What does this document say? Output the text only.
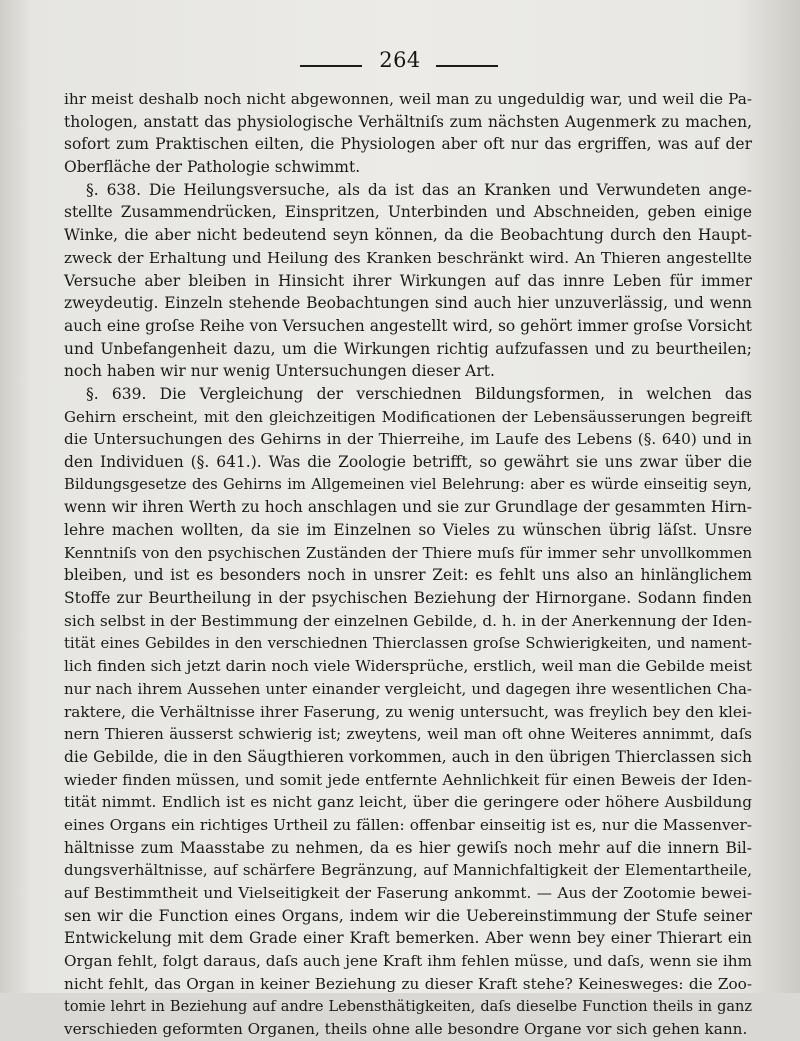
264
ihr meist deshalb noch nicht abgewonnen, weil man zu ungeduldig war, und weil die Pa-
thologen, anstatt das physiologische Verhältniſs zum nächsten Augenmerk zu machen,
sofort zum Praktischen eilten, die Physiologen aber oft nur das ergriffen, was auf der
Oberfläche der Pathologie schwimmt.
§. 638. Die Heilungsversuche, als da ist das an Kranken und Verwundeten ange-
stellte Zusammendrücken, Einspritzen, Unterbinden und Abschneiden, geben einige
Winke, die aber nicht bedeutend seyn können, da die Beobachtung durch den Haupt-
zweck der Erhaltung und Heilung des Kranken beschränkt wird. An Thieren angestellte
Versuche aber bleiben in Hinsicht ihrer Wirkungen auf das innre Leben für immer
zweydeutig. Einzeln stehende Beobachtungen sind auch hier unzuverlässig, und wenn
auch eine groſse Reihe von Versuchen angestellt wird, so gehört immer groſse Vorsicht
und Unbefangenheit dazu, um die Wirkungen richtig aufzufassen und zu beurtheilen;
noch haben wir nur wenig Untersuchungen dieser Art.
§. 639. Die Vergleichung der verschiednen Bildungsformen, in welchen das
Gehirn erscheint, mit den gleichzeitigen Modificationen der Lebensäusserungen begreift
die Untersuchungen des Gehirns in der Thierreihe, im Laufe des Lebens (§. 640) und in
den Individuen (§. 641.). Was die Zoologie betrifft, so gewährt sie uns zwar über die
Bildungsgesetze des Gehirns im Allgemeinen viel Belehrung: aber es würde einseitig seyn,
wenn wir ihren Werth zu hoch anschlagen und sie zur Grundlage der gesammten Hirn-
lehre machen wollten, da sie im Einzelnen so Vieles zu wünschen übrig läſst. Unsre
Kenntniſs von den psychischen Zuständen der Thiere muſs für immer sehr unvollkommen
bleiben, und ist es besonders noch in unsrer Zeit: es fehlt uns also an hinlänglichem
Stoffe zur Beurtheilung in der psychischen Beziehung der Hirnorgane. Sodann finden
sich selbst in der Bestimmung der einzelnen Gebilde, d. h. in der Anerkennung der Iden-
tität eines Gebildes in den verschiednen Thierclassen groſse Schwierigkeiten, und nament-
lich finden sich jetzt darin noch viele Widersprüche, erstlich, weil man die Gebilde meist
nur nach ihrem Aussehen unter einander vergleicht, und dagegen ihre wesentlichen Cha-
raktere, die Verhältnisse ihrer Faserung, zu wenig untersucht, was freylich bey den klei-
nern Thieren äusserst schwierig ist; zweytens, weil man oft ohne Weiteres annimmt, daſs
die Gebilde, die in den Säugthieren vorkommen, auch in den übrigen Thierclassen sich
wieder finden müssen, und somit jede entfernte Aehnlichkeit für einen Beweis der Iden-
tität nimmt. Endlich ist es nicht ganz leicht, über die geringere oder höhere Ausbildung
eines Organs ein richtiges Urtheil zu fällen: offenbar einseitig ist es, nur die Massenver-
hältnisse zum Maasstabe zu nehmen, da es hier gewiſs noch mehr auf die innern Bil-
dungsverhältnisse, auf schärfere Begränzung, auf Mannichfaltigkeit der Elementartheile,
auf Bestimmtheit und Vielseitigkeit der Faserung ankommt. — Aus der Zootomie bewei-
sen wir die Function eines Organs, indem wir die Uebereinstimmung der Stufe seiner
Entwickelung mit dem Grade einer Kraft bemerken. Aber wenn bey einer Thierart ein
Organ fehlt, folgt daraus, daſs auch jene Kraft ihm fehlen müsse, und daſs, wenn sie ihm
nicht fehlt, das Organ in keiner Beziehung zu dieser Kraft stehe? Keinesweges: die Zoo-
tomie lehrt in Beziehung auf andre Lebensthätigkeiten, daſs dieselbe Function theils in ganz
verschieden geformten Organen, theils ohne alle besondre Organe vor sich gehen kann.
